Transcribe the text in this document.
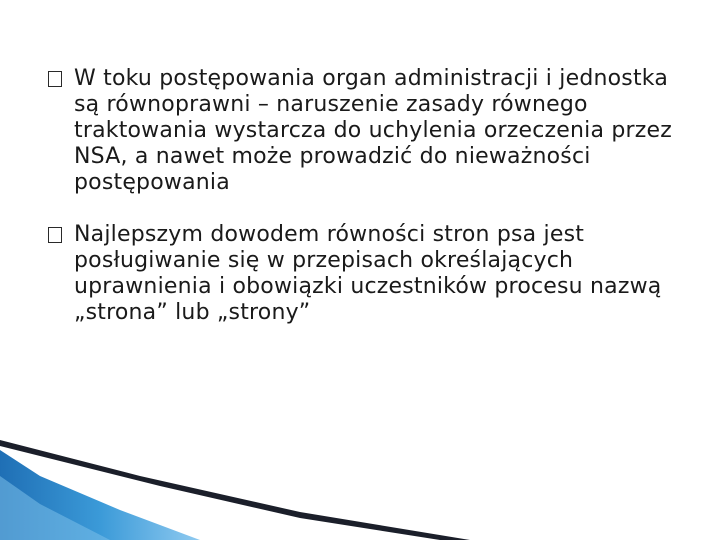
W toku postępowania organ administracji i jednostka są równoprawni – naruszenie zasady równego traktowania wystarcza do uchylenia orzeczenia przez NSA, a nawet może prowadzić do nieważności postępowania
Najlepszym dowodem równości stron psa jest posługiwanie się w przepisach określających uprawnienia i obowiązki uczestników procesu nazwą „strona” lub „strony”
